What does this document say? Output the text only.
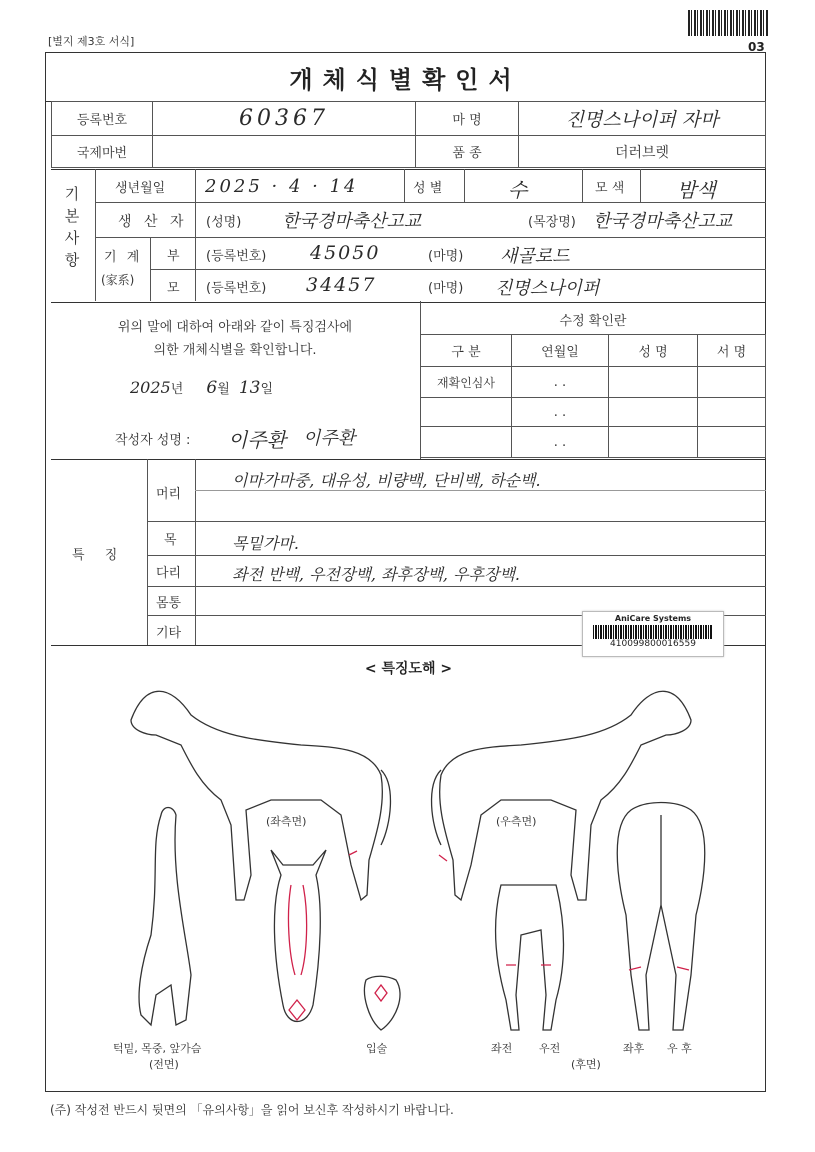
[별지 제3호 서식]	03
개체식별확인서
등록번호	60367	마 명	진명스나이퍼 자마
국제마번		품 종	더러브렛
기본사항
생년월일 2025 · 4 · 14	성 별	수	모 색	밤색
생 산 자 (성명) 한국경마축산고교	(목장명) 한국경마축산고교
기 계
(家系)
부 (등록번호) 45050	(마명) 새골로드
모 (등록번호) 34457	(마명) 진명스나이퍼
위의 말에 대하여 아래와 같이 특징검사에
의한 개체식별을 확인합니다.
2025년 6월 13일
작성자 성명 : 이주환 이주환
수정 확인란
구 분	연월일	성 명	서 명
재확인심사	. .		
	. .		
	. .		
특 징
머리
이마가마중, 대유성, 비량백, 단비백, 하순백.
목	목밑가마.
다리	좌전 반백, 우전장백, 좌후장백, 우후장백.
몸통
기타
AniCare Systems
410099800016559
< 특징도해 >
(좌측면)	(우측면)
턱밑, 목중, 앞가슴
(전면)
입술	좌전 우전	좌후 우 후
(후면)
(주) 작성전 반드시 뒷면의 「유의사항」을 읽어 보신후 작성하시기 바랍니다.
